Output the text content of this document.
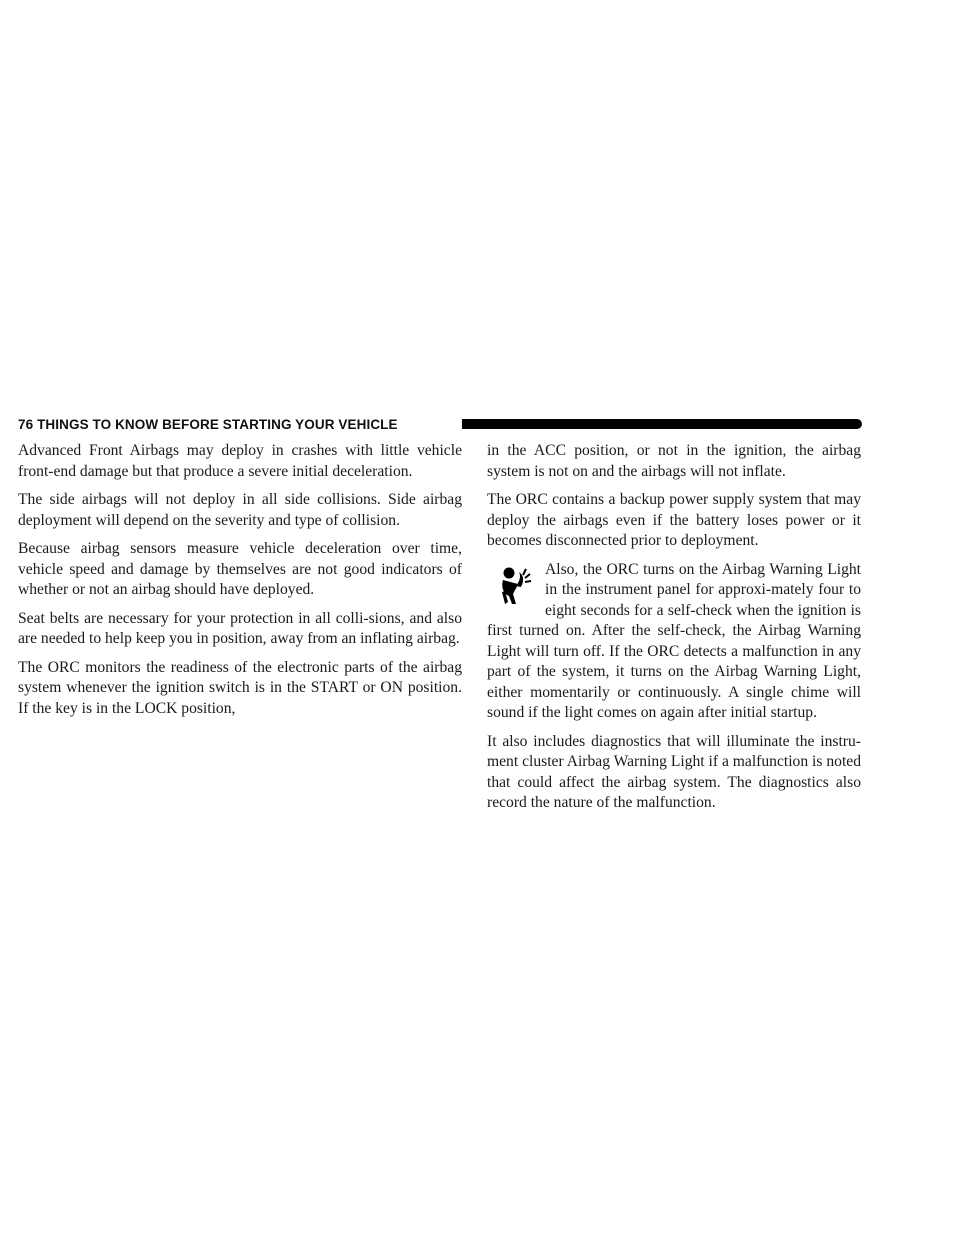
76 THINGS TO KNOW BEFORE STARTING YOUR VEHICLE

Advanced Front Airbags may deploy in crashes with little vehicle front-end damage but that produce a severe initial deceleration.

The side airbags will not deploy in all side collisions. Side airbag deployment will depend on the severity and type of collision.

Because airbag sensors measure vehicle deceleration over time, vehicle speed and damage by themselves are not good indicators of whether or not an airbag should have deployed.

Seat belts are necessary for your protection in all colli-sions, and also are needed to help keep you in position, away from an inflating airbag.

The ORC monitors the readiness of the electronic parts of the airbag system whenever the ignition switch is in the START or ON position. If the key is in the LOCK position,

in the ACC position, or not in the ignition, the airbag system is not on and the airbags will not inflate.

The ORC contains a backup power supply system that may deploy the airbags even if the battery loses power or it becomes disconnected prior to deployment.

Also, the ORC turns on the Airbag Warning Light in the instrument panel for approxi-mately four to eight seconds for a self-check when the ignition is first turned on. After the self-check, the Airbag Warning Light will turn off. If the ORC detects a malfunction in any part of the system, it turns on the Airbag Warning Light, either momentarily or continuously. A single chime will sound if the light comes on again after initial startup.

It also includes diagnostics that will illuminate the instru-ment cluster Airbag Warning Light if a malfunction is noted that could affect the airbag system. The diagnostics also record the nature of the malfunction.
